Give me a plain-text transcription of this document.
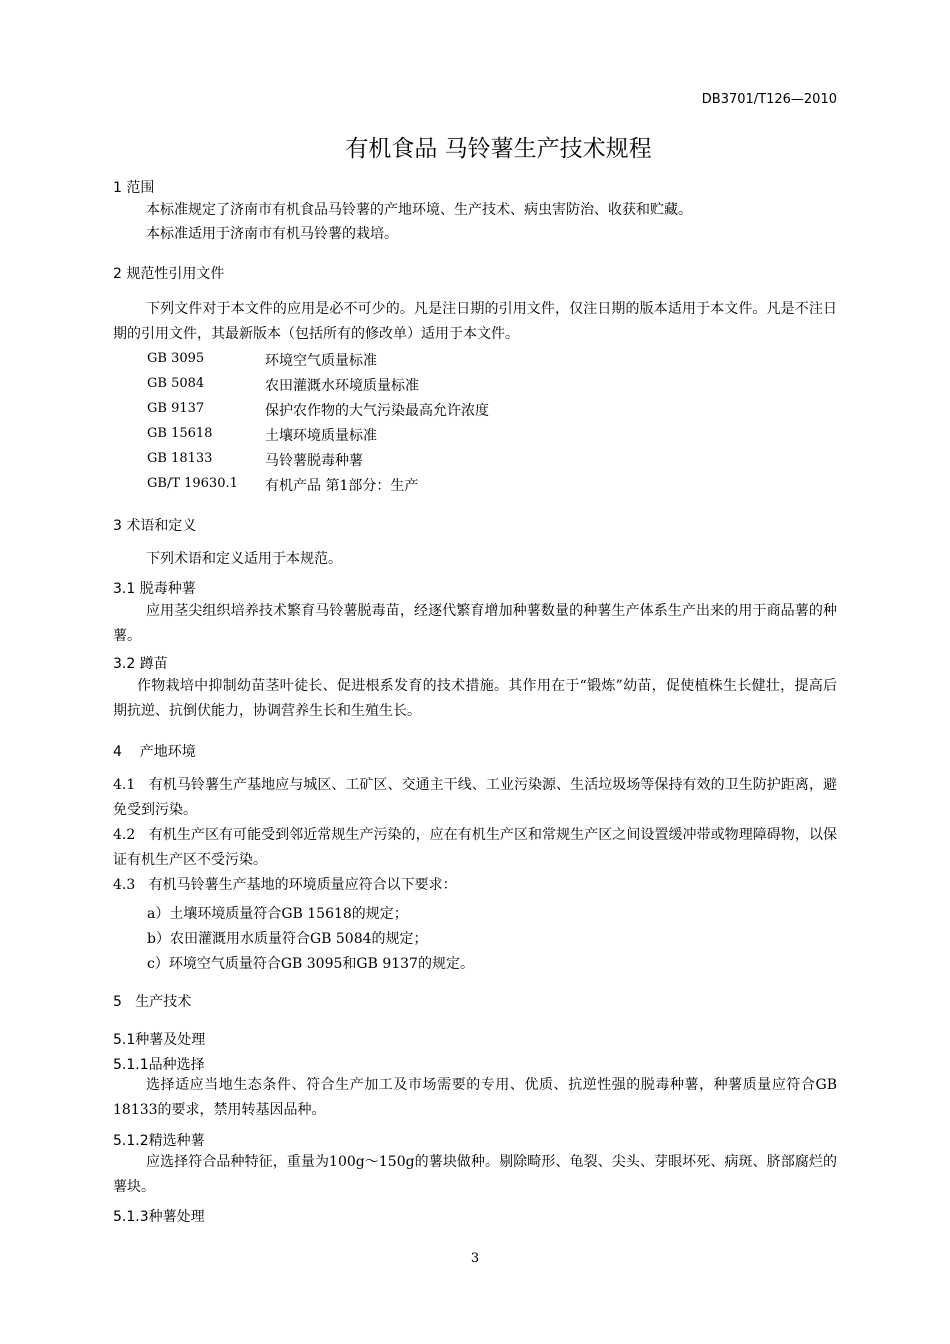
DB3701/T126—2010
有机食品 马铃薯生产技术规程
1 范围
本标准规定了济南市有机食品马铃薯的产地环境、生产技术、病虫害防治、收获和贮藏。
本标准适用于济南市有机马铃薯的栽培。
2 规范性引用文件
下列文件对于本文件的应用是必不可少的。凡是注日期的引用文件，仅注日期的版本适用于本文件。凡是不注日期的引用文件，其最新版本（包括所有的修改单）适用于本文件。
GB 3095	环境空气质量标准
GB 5084	农田灌溉水环境质量标准
GB 9137	保护农作物的大气污染最高允许浓度
GB 15618	土壤环境质量标准
GB 18133	马铃薯脱毒种薯
GB/T 19630.1 有机产品 第1部分：生产
3 术语和定义
下列术语和定义适用于本规范。
3.1 脱毒种薯
应用茎尖组织培养技术繁育马铃薯脱毒苗，经逐代繁育增加种薯数量的种薯生产体系生产出来的用于商品薯的种薯。
3.2 蹲苗
作物栽培中抑制幼苗茎叶徒长、促进根系发育的技术措施。其作用在于“锻炼”幼苗，促使植株生长健壮，提高后期抗逆、抗倒伏能力，协调营养生长和生殖生长。
4    产地环境
4.1   有机马铃薯生产基地应与城区、工矿区、交通主干线、工业污染源、生活垃圾场等保持有效的卫生防护距离，避免受到污染。
4.2   有机生产区有可能受到邻近常规生产污染的，应在有机生产区和常规生产区之间设置缓冲带或物理障碍物，以保证有机生产区不受污染。
4.3   有机马铃薯生产基地的环境质量应符合以下要求：
a）土壤环境质量符合GB 15618的规定；
b）农田灌溉用水质量符合GB 5084的规定；
c）环境空气质量符合GB 3095和GB 9137的规定。
5   生产技术
5.1种薯及处理
5.1.1品种选择
选择适应当地生态条件、符合生产加工及市场需要的专用、优质、抗逆性强的脱毒种薯，种薯质量应符合GB 18133的要求，禁用转基因品种。
5.1.2精选种薯
应选择符合品种特征，重量为100g～150g的薯块做种。剔除畸形、龟裂、尖头、芽眼坏死、病斑、脐部腐烂的薯块。
5.1.3种薯处理
3
